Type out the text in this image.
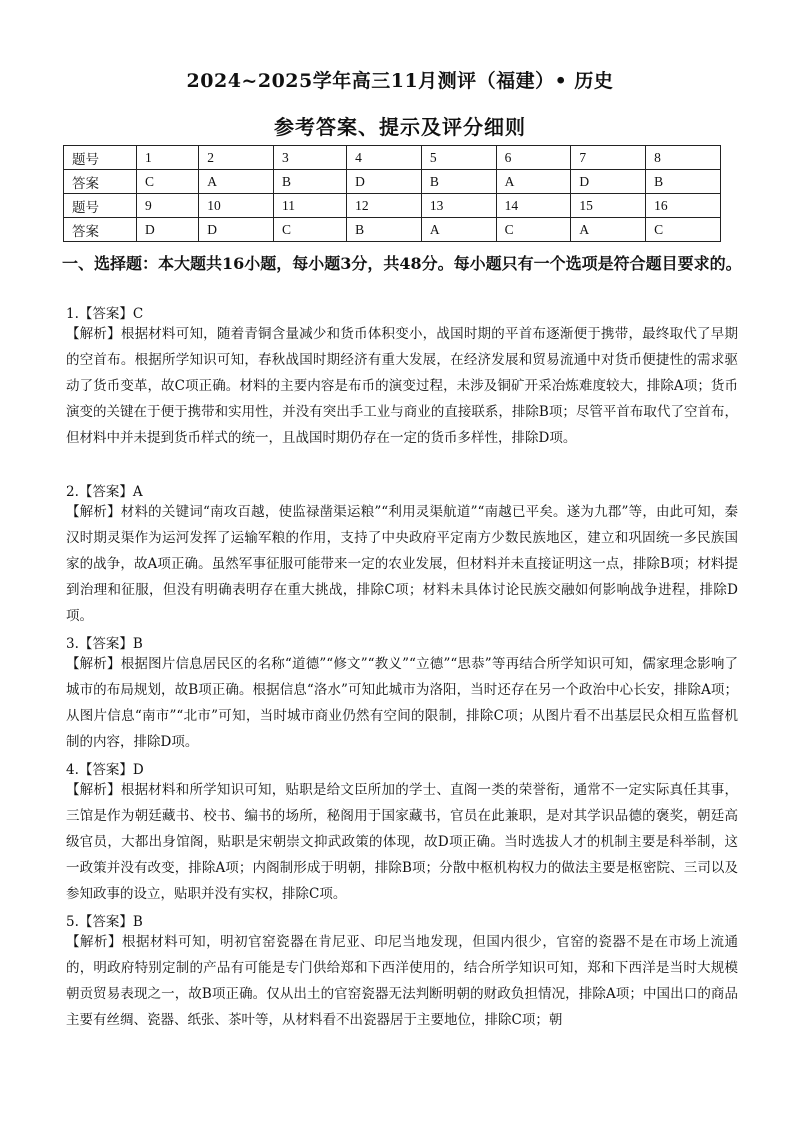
2024~2025学年高三11月测评（福建）• 历史
参考答案、提示及评分细则
题号	1	2	3	4	5	6	7	8
答案	C	A	B	D	B	A	D	B
题号	9	10	11	12	13	14	15	16
答案	D	D	C	B	A	C	A	C
一、选择题：本大题共16小题，每小题3分，共48分。每小题只有一个选项是符合题目要求的。
1.【答案】C
【解析】根据材料可知，随着青铜含量减少和货币体积变小，战国时期的平首布逐渐便于携带，最终取代了早期的空首布。根据所学知识可知，春秋战国时期经济有重大发展，在经济发展和贸易流通中对货币便捷性的需求驱动了货币变革，故C项正确。材料的主要内容是布币的演变过程，未涉及铜矿开采冶炼难度较大，排除A项；货币演变的关键在于便于携带和实用性，并没有突出手工业与商业的直接联系，排除B项；尽管平首布取代了空首布，但材料中并未提到货币样式的统一，且战国时期仍存在一定的货币多样性，排除D项。
2.【答案】A
【解析】材料的关键词“南攻百越，使监禄凿渠运粮”“利用灵渠航道”“南越已平矣。遂为九郡”等，由此可知，秦汉时期灵渠作为运河发挥了运输军粮的作用，支持了中央政府平定南方少数民族地区，建立和巩固统一多民族国家的战争，故A项正确。虽然军事征服可能带来一定的农业发展，但材料并未直接证明这一点，排除B项；材料提到治理和征服，但没有明确表明存在重大挑战，排除C项；材料未具体讨论民族交融如何影响战争进程，排除D项。
3.【答案】B
【解析】根据图片信息居民区的名称“道德”“修文”“教义”“立德”“思恭”等再结合所学知识可知，儒家理念影响了城市的布局规划，故B项正确。根据信息“洛水”可知此城市为洛阳，当时还存在另一个政治中心长安，排除A项；从图片信息“南市”“北市”可知，当时城市商业仍然有空间的限制，排除C项；从图片看不出基层民众相互监督机制的内容，排除D项。
4.【答案】D
【解析】根据材料和所学知识可知，贴职是给文臣所加的学士、直阁一类的荣誉衔，通常不一定实际真任其事，三馆是作为朝廷藏书、校书、编书的场所，秘阁用于国家藏书，官员在此兼职，是对其学识品德的褒奖，朝廷高级官员，大都出身馆阁，贴职是宋朝崇文抑武政策的体现，故D项正确。当时选拔人才的机制主要是科举制，这一政策并没有改变，排除A项；内阁制形成于明朝，排除B项；分散中枢机构权力的做法主要是枢密院、三司以及参知政事的设立，贴职并没有实权，排除C项。
5.【答案】B
【解析】根据材料可知，明初官窑瓷器在肯尼亚、印尼当地发现，但国内很少，官窑的瓷器不是在市场上流通的，明政府特别定制的产品有可能是专门供给郑和下西洋使用的，结合所学知识可知，郑和下西洋是当时大规模朝贡贸易表现之一，故B项正确。仅从出土的官窑瓷器无法判断明朝的财政负担情况，排除A项；中国出口的商品主要有丝绸、瓷器、纸张、茶叶等，从材料看不出瓷器居于主要地位，排除C项；朝
